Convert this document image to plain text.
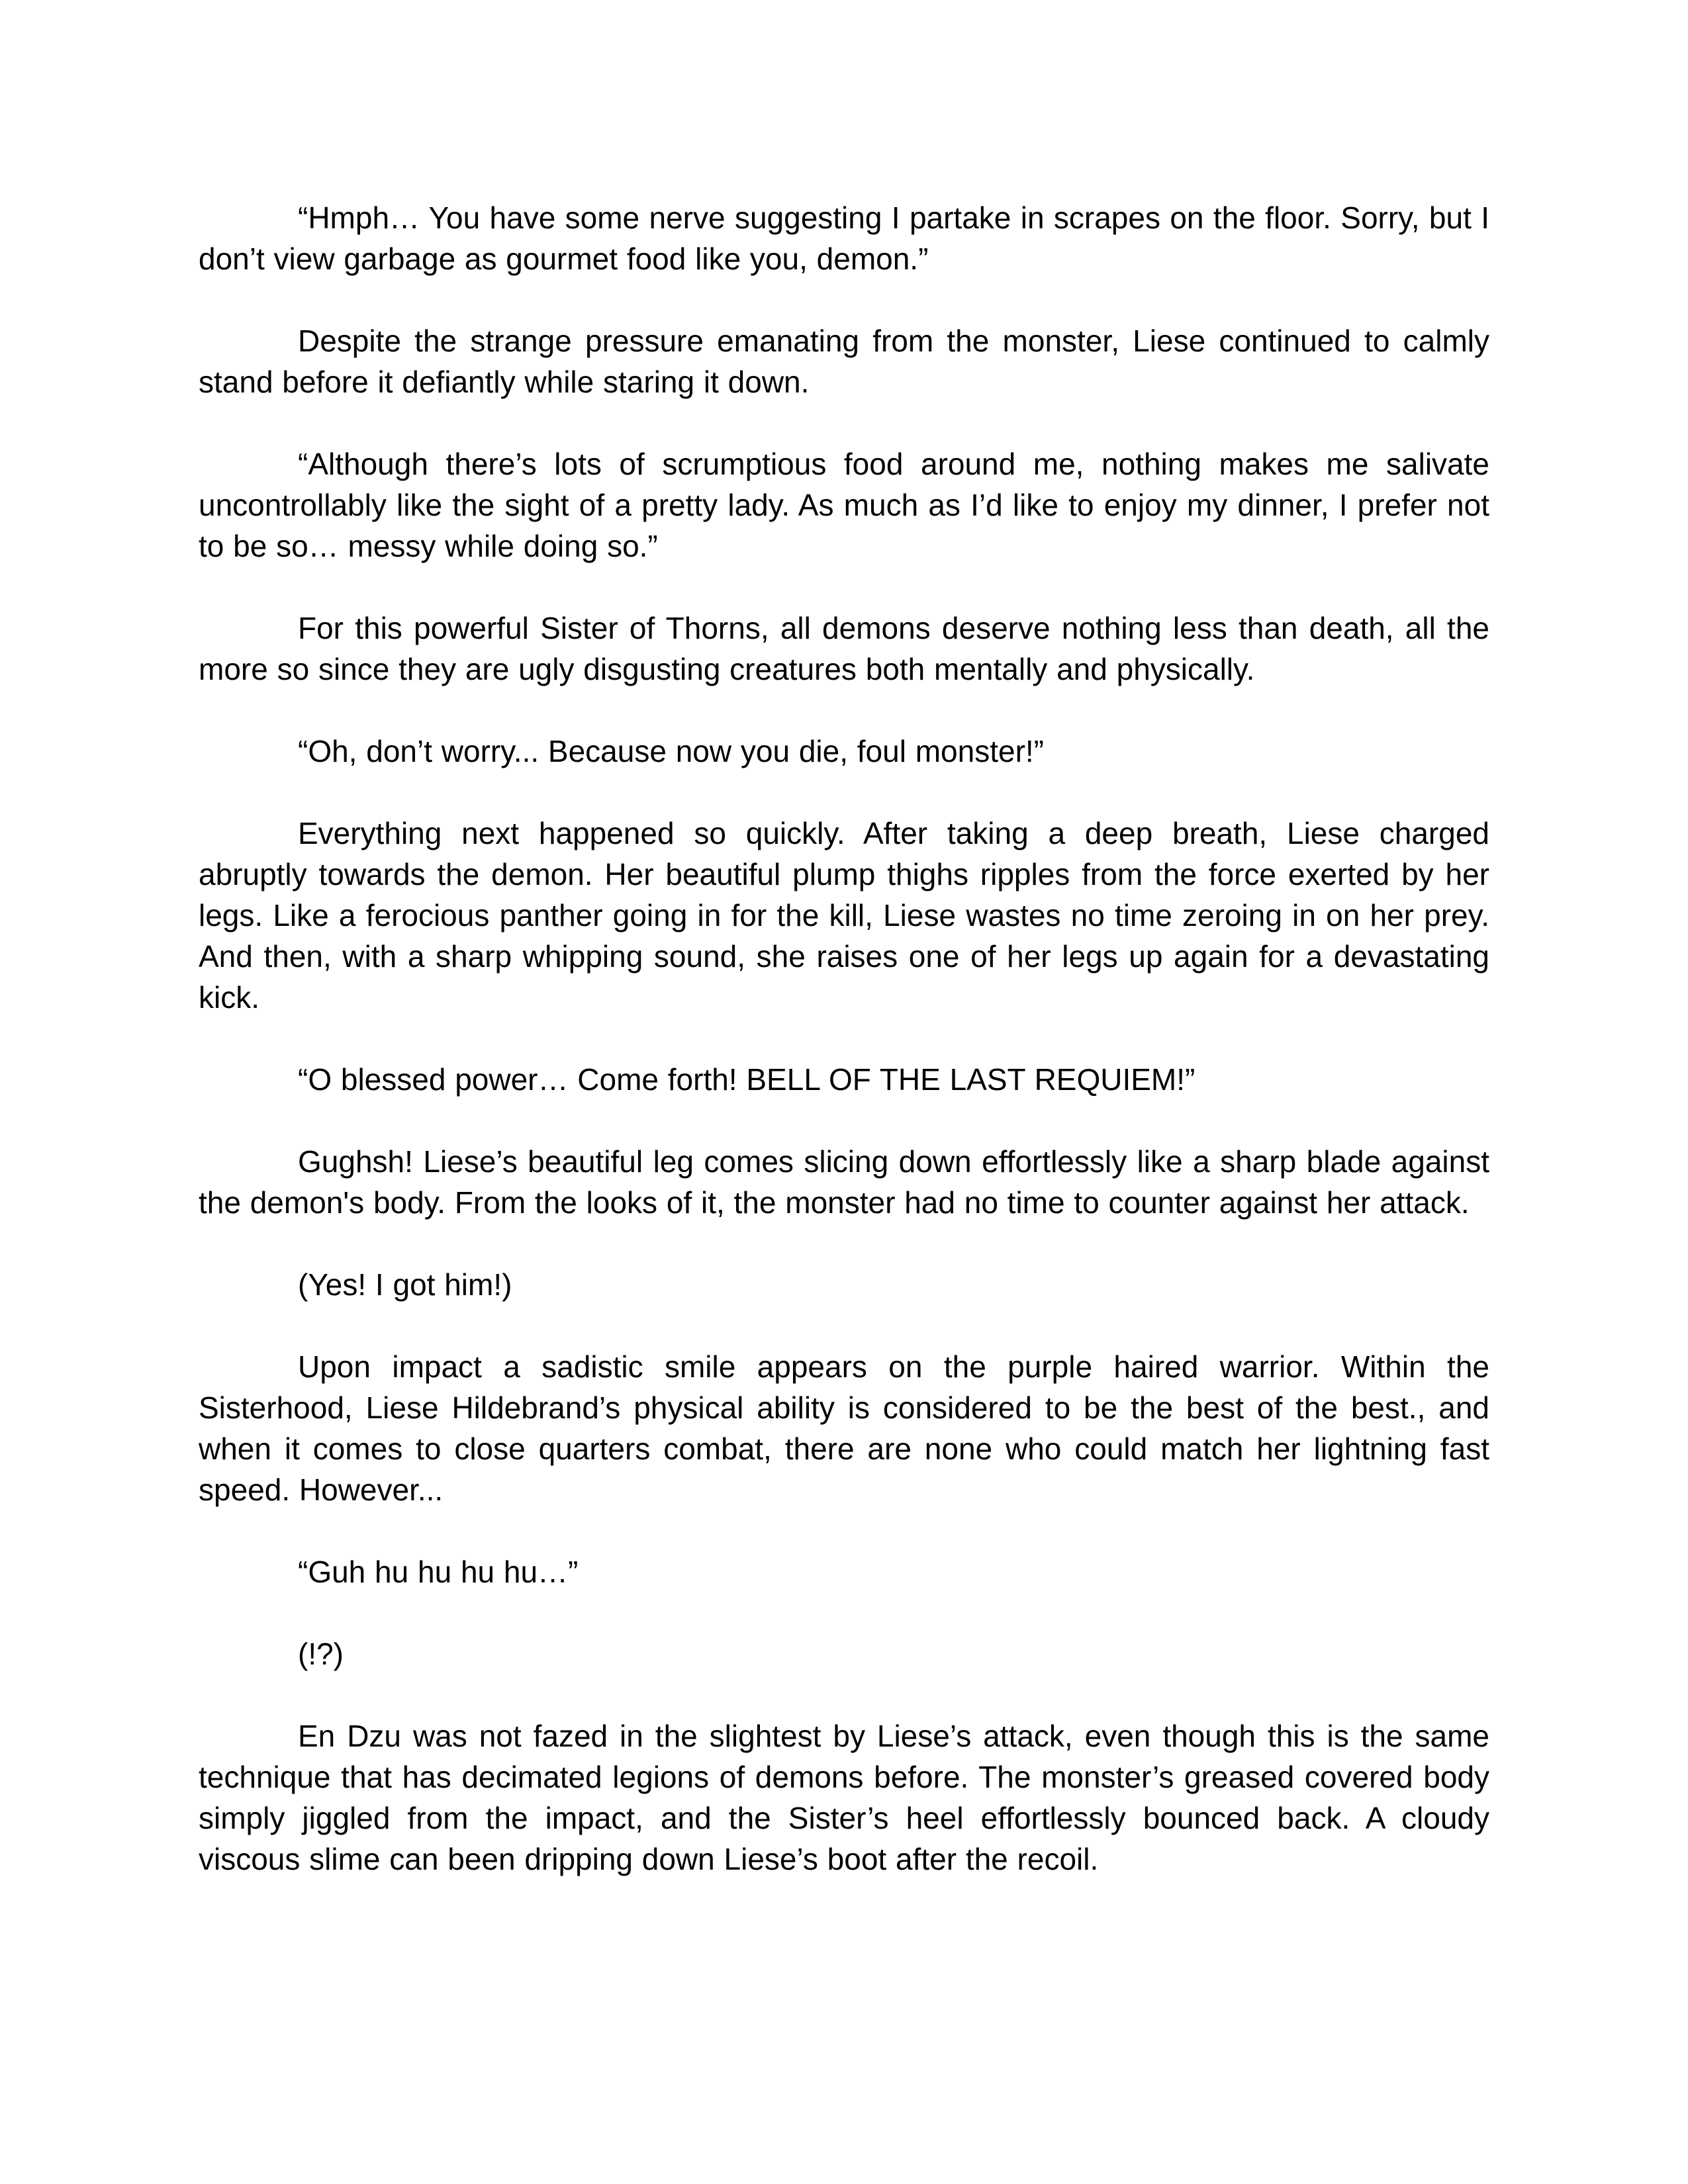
“Hmph… You have some nerve suggesting I partake in scrapes on the floor. Sorry, but I don’t view garbage as gourmet food like you, demon.”

Despite the strange pressure emanating from the monster, Liese continued to calmly stand before it defiantly while staring it down.

“Although there’s lots of scrumptious food around me, nothing makes me salivate uncontrollably like the sight of a pretty lady. As much as I’d like to enjoy my dinner, I prefer not to be so… messy while doing so.”

For this powerful Sister of Thorns, all demons deserve nothing less than death, all the more so since they are ugly disgusting creatures both mentally and physically.

“Oh, don’t worry... Because now you die, foul monster!”

Everything next happened so quickly. After taking a deep breath, Liese charged abruptly towards the demon. Her beautiful plump thighs ripples from the force exerted by her legs. Like a ferocious panther going in for the kill, Liese wastes no time zeroing in on her prey. And then, with a sharp whipping sound, she raises one of her legs up again for a devastating kick.

“O blessed power… Come forth! BELL OF THE LAST REQUIEM!”

Gughsh! Liese’s beautiful leg comes slicing down effortlessly like a sharp blade against the demon's body. From the looks of it, the monster had no time to counter against her attack.

(Yes! I got him!)

Upon impact a sadistic smile appears on the purple haired warrior. Within the Sisterhood, Liese Hildebrand’s physical ability is considered to be the best of the best., and when it comes to close quarters combat, there are none who could match her lightning fast speed. However...

“Guh hu hu hu hu…”

(!?)

En Dzu was not fazed in the slightest by Liese’s attack, even though this is the same technique that has decimated legions of demons before. The monster’s greased covered body simply jiggled from the impact, and the Sister’s heel effortlessly bounced back. A cloudy viscous slime can been dripping down Liese’s boot after the recoil.
